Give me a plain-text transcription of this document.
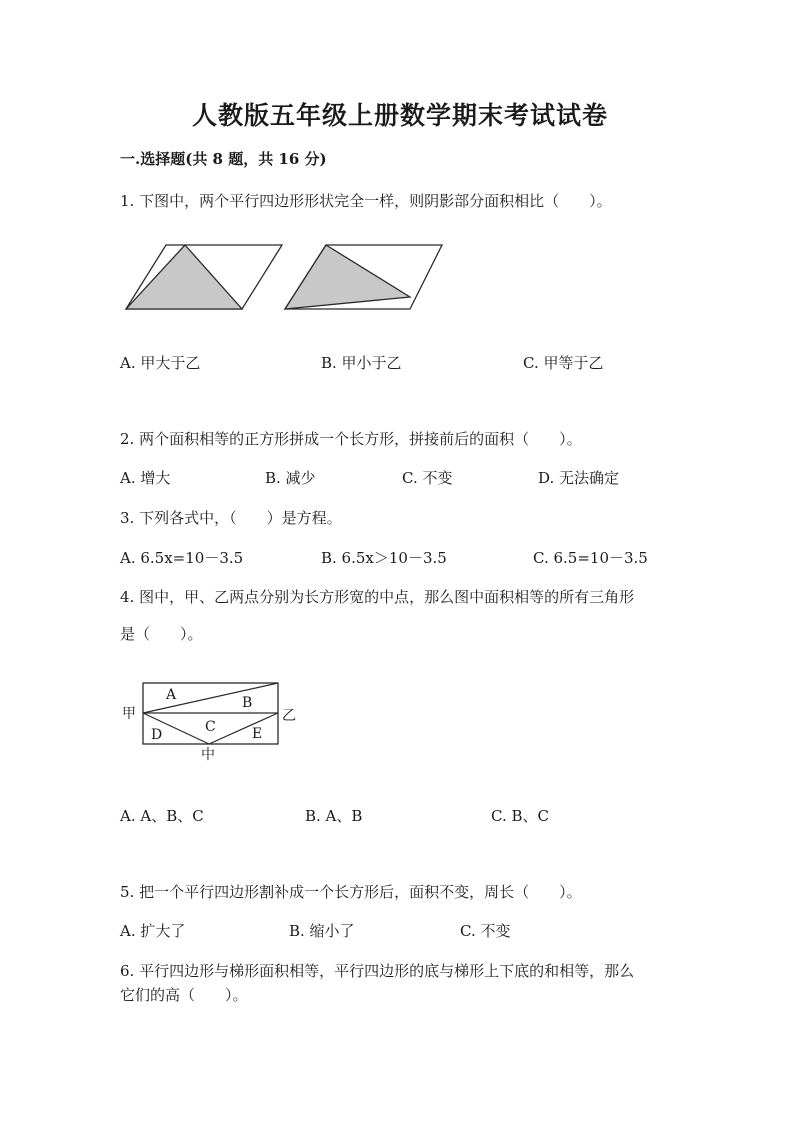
人教版五年级上册数学期末考试试卷
一.选择题(共 8 题，共 16 分)
1. 下图中，两个平行四边形形状完全一样，则阴影部分面积相比（　　）。
A. 甲大于乙	B. 甲小于乙	C. 甲等于乙
2. 两个面积相等的正方形拼成一个长方形，拼接前后的面积（　　）。
A. 增大	B. 减少	C. 不变	D. 无法确定
3. 下列各式中，（　　）是方程。
A. 6.5x=10－3.5	B. 6.5x＞10－3.5	C. 6.5=10－3.5
4. 图中，甲、乙两点分别为长方形宽的中点，那么图中面积相等的所有三角形
是（　　）。
A	B
C
D	E
甲	乙
中
A. A、B、C	B. A、B	C. B、C
5. 把一个平行四边形割补成一个长方形后，面积不变，周长（　　）。
A. 扩大了	B. 缩小了	C. 不变
6. 平行四边形与梯形面积相等，平行四边形的底与梯形上下底的和相等，那么
它们的高（　　）。
